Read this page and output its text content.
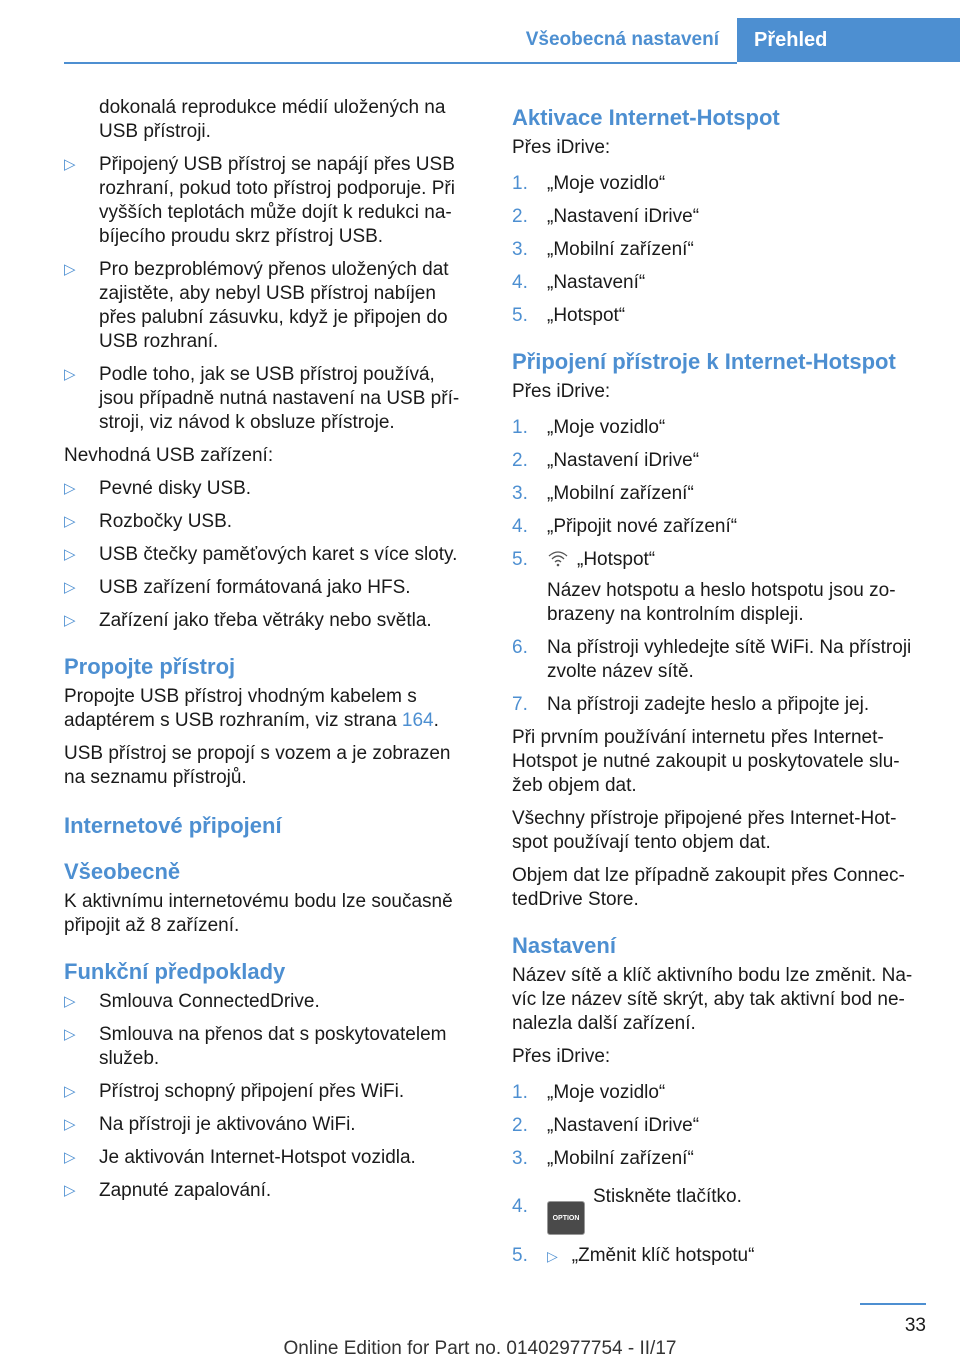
Všeobecná nastavení	Přehled

dokonalá reprodukce médií uložených na USB přístroji.

▷ Připojený USB přístroj se napájí přes USB rozhraní, pokud toto přístroj podporuje. Při vyšších teplotách může dojít k redukci na- bíjecího proudu skrz přístroj USB.
▷ Pro bezproblémový přenos uložených dat zajistěte, aby nebyl USB přístroj nabíjen přes palubní zásuvku, když je připojen do USB rozhraní.
▷ Podle toho, jak se USB přístroj používá, jsou případně nutná nastavení na USB pří- stroji, viz návod k obsluze přístroje.

Nevhodná USB zařízení:

▷ Pevné disky USB.
▷ Rozbočky USB.
▷ USB čtečky paměťových karet s více sloty.
▷ USB zařízení formátovaná jako HFS.
▷ Zařízení jako třeba větráky nebo světla.
Propojte přístroj

Propojte USB přístroj vhodným kabelem s adaptérem s USB rozhraním, viz strana 164.

USB přístroj se propojí s vozem a je zobrazen na seznamu přístrojů.

Internetové připojení
Všeobecně

K aktivnímu internetovému bodu lze současně připojit až 8 zařízení.

Funkční předpoklady
▷ Smlouva ConnectedDrive.
▷ Smlouva na přenos dat s poskytovatelem služeb.
▷ Přístroj schopný připojení přes WiFi.
▷ Na přístroji je aktivováno WiFi.
▷ Je aktivován Internet-Hotspot vozidla.
▷ Zapnuté zapalování.
Aktivace Internet-Hotspot

Přes iDrive:

1. „Moje vozidlo“
2. „Nastavení iDrive“
3. „Mobilní zařízení“
4. „Nastavení“
5. „Hotspot“
Připojení přístroje k Internet-Hotspot

Přes iDrive:

1. „Moje vozidlo“
2. „Nastavení iDrive“
3. „Mobilní zařízení“
4. „Připojit nové zařízení“
5.	„Hotspot“
Název hotspotu a heslo hotspotu jsou zo- brazeny na kontrolním displeji.
6. Na přístroji vyhledejte sítě WiFi. Na přístroji zvolte název sítě.
7. Na přístroji zadejte heslo a připojte jej.

Při prvním používání internetu přes Internet- Hotspot je nutné zakoupit u poskytovatele slu- žeb objem dat.

Všechny přístroje připojené přes Internet-Hot- spot používají tento objem dat.

Objem dat lze případně zakoupit přes Connec- tedDrive Store.

Nastavení

Název sítě a klíč aktivního bodu lze změnit. Na- víc lze název sítě skrýt, aby tak aktivní bod ne- nalezla další zařízení.

Přes iDrive:

1. „Moje vozidlo“
2. „Nastavení iDrive“
3. „Mobilní zařízení“
4.
OPTIONStiskněte tlačítko.
5. ▷ „Změnit klíč hotspotu“
33
Online Edition for Part no. 01402977754 - II/17
